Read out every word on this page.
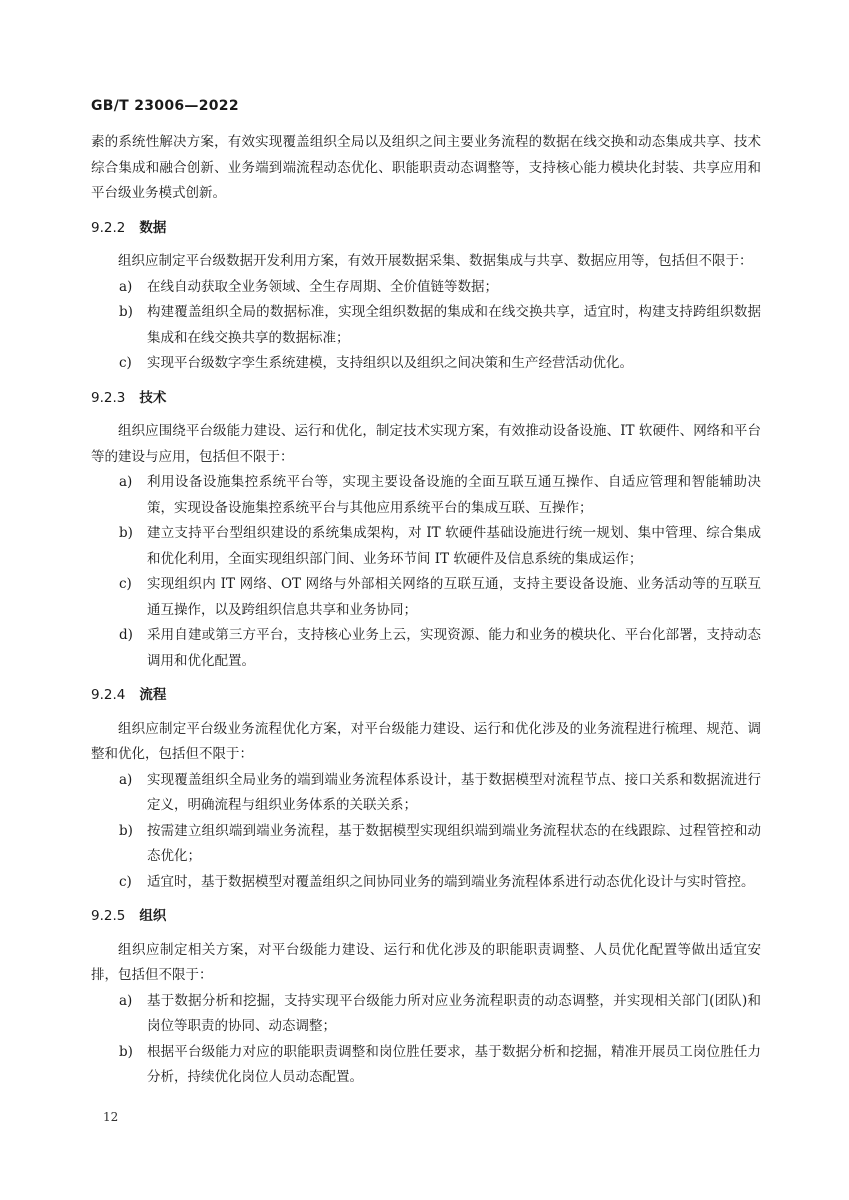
GB/T 23006—2022

素的系统性解决方案，有效实现覆盖组织全局以及组织之间主要业务流程的数据在线交换和动态集成共享、技术综合集成和融合创新、业务端到端流程动态优化、职能职责动态调整等，支持核心能力模块化封装、共享应用和平台级业务模式创新。

9.2.2 数据

组织应制定平台级数据开发利用方案，有效开展数据采集、数据集成与共享、数据应用等，包括但不限于：

a)	在线自动获取全业务领域、全生存周期、全价值链等数据；
b)	构建覆盖组织全局的数据标准，实现全组织数据的集成和在线交换共享，适宜时，构建支持跨组织数据集成和在线交换共享的数据标准；
c)	实现平台级数字孪生系统建模，支持组织以及组织之间决策和生产经营活动优化。
9.2.3 技术

组织应围绕平台级能力建设、运行和优化，制定技术实现方案，有效推动设备设施、IT 软硬件、网络和平台等的建设与应用，包括但不限于：

a)	利用设备设施集控系统平台等，实现主要设备设施的全面互联互通互操作、自适应管理和智能辅助决策，实现设备设施集控系统平台与其他应用系统平台的集成互联、互操作；
b)	建立支持平台型组织建设的系统集成架构，对 IT 软硬件基础设施进行统一规划、集中管理、综合集成和优化利用，全面实现组织部门间、业务环节间 IT 软硬件及信息系统的集成运作；
c)	实现组织内 IT 网络、OT 网络与外部相关网络的互联互通，支持主要设备设施、业务活动等的互联互通互操作，以及跨组织信息共享和业务协同；
d)	采用自建或第三方平台，支持核心业务上云，实现资源、能力和业务的模块化、平台化部署，支持动态调用和优化配置。
9.2.4 流程

组织应制定平台级业务流程优化方案，对平台级能力建设、运行和优化涉及的业务流程进行梳理、规范、调整和优化，包括但不限于：

a)	实现覆盖组织全局业务的端到端业务流程体系设计，基于数据模型对流程节点、接口关系和数据流进行定义，明确流程与组织业务体系的关联关系；
b)	按需建立组织端到端业务流程，基于数据模型实现组织端到端业务流程状态的在线跟踪、过程管控和动态优化；
c)	适宜时，基于数据模型对覆盖组织之间协同业务的端到端业务流程体系进行动态优化设计与实时管控。
9.2.5 组织

组织应制定相关方案，对平台级能力建设、运行和优化涉及的职能职责调整、人员优化配置等做出适宜安排，包括但不限于：

a)	基于数据分析和挖掘，支持实现平台级能力所对应业务流程职责的动态调整，并实现相关部门(团队)和岗位等职责的协同、动态调整；
b)	根据平台级能力对应的职能职责调整和岗位胜任要求，基于数据分析和挖掘，精准开展员工岗位胜任力分析，持续优化岗位人员动态配置。
12
